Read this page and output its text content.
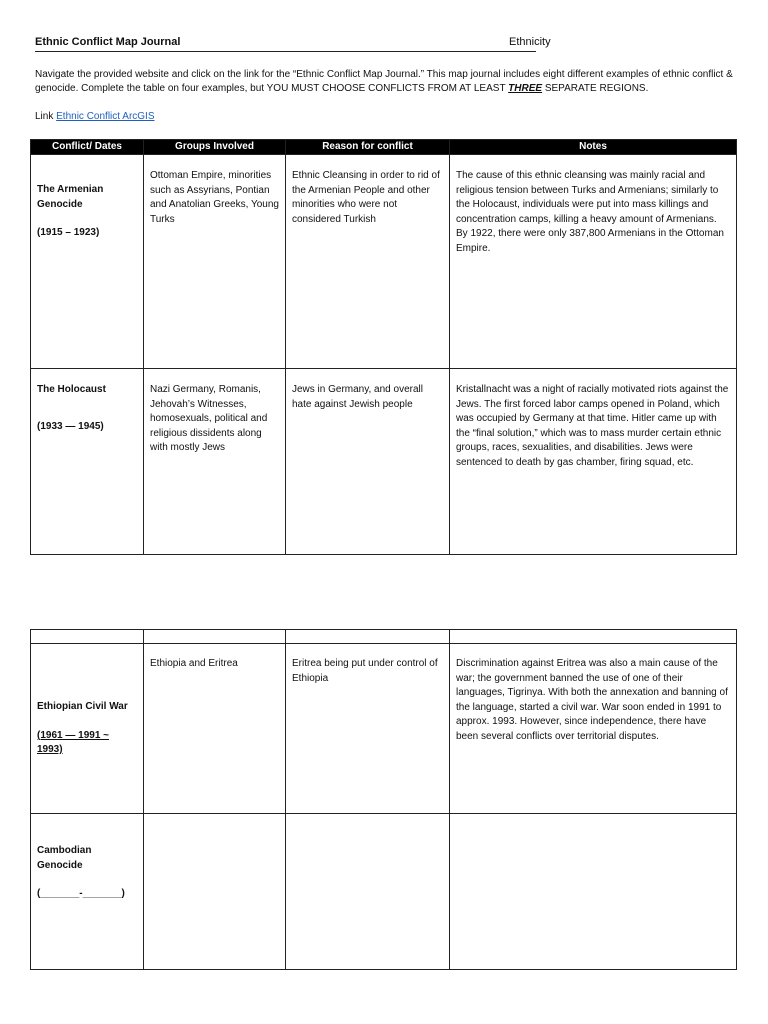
Ethnic Conflict Map Journal	Ethnicity

Navigate the provided website and click on the link for the “Ethnic Conflict Map Journal.” This map journal includes eight different examples of ethnic conflict & genocide. Complete the table on four examples, but YOU MUST CHOOSE CONFLICTS FROM AT LEAST THREE SEPARATE REGIONS.

Link Ethnic Conflict ArcGIS

Conflict/ Dates	Groups Involved	Reason for conflict	Notes
The Armenian Genocide
(1915 – 1923)	Ottoman Empire, minorities such as Assyrians, Pontian and Anatolian Greeks, Young Turks	Ethnic Cleansing in order to rid of the Armenian People and other minorities who were not considered Turkish	The cause of this ethnic cleansing was mainly racial and religious tension between Turks and Armenians; similarly to the Holocaust, individuals were put into mass killings and concentration camps, killing a heavy amount of Armenians. By 1922, there were only 387,800 Armenians in the Ottoman Empire.
The Holocaust
(1933 — 1945)	Nazi Germany, Romanis, Jehovah’s Witnesses, homosexuals, political and religious dissidents along with mostly Jews	Jews in Germany, and overall hate against Jewish people	Kristallnacht was a night of racially motivated riots against the Jews. The first forced labor camps opened in Poland, which was occupied by Germany at that time. Hitler came up with the “final solution,” which was to mass murder certain ethnic groups, races, sexualities, and disabilities. Jews were sentenced to death by gas chamber, firing squad, etc.

Ethiopian Civil War
(1961 — 1991 ~ 1993)	Ethiopia and Eritrea	Eritrea being put under control of Ethiopia	Discrimination against Eritrea was also a main cause of the war; the government banned the use of one of their languages, Tigrinya. With both the annexation and banning of the language, started a civil war. War soon ended in 1991 to approx. 1993. However, since independence, there have been several conflicts over territorial disputes.
Cambodian Genocide
(_______-_______)			
